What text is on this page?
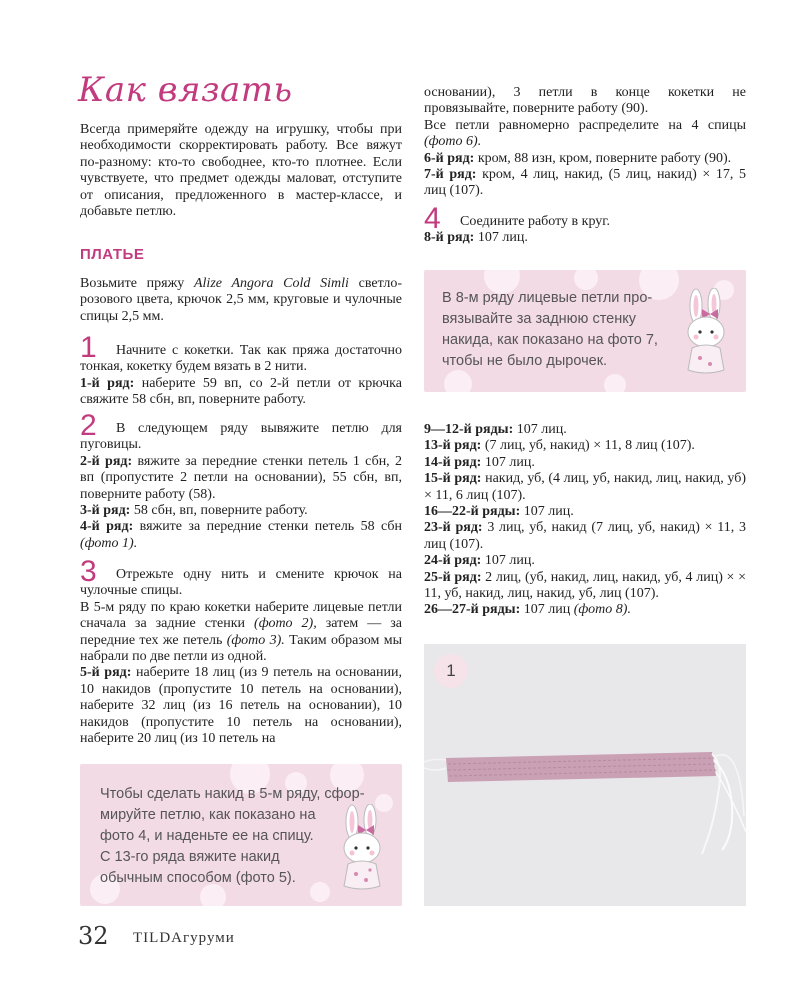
Как вязать

Всегда примеряйте одежду на игрушку, чтобы при необходимости скорректировать работу. Все вяжут по-разному: кто-то свободнее, кто-то плотнее. Если чувствуете, что предмет одежды маловат, отступите от описания, предложенного в мастер-классе, и добавьте петлю.

ПЛАТЬЕ

Возьмите пряжу Alize Angora Cold Simli светло-розового цвета, крючок 2,5 мм, круговые и чулочные спицы 2,5 мм.

1	Начните с кокетки. Так как пряжа достаточно тонкая, кокетку будем вязать в 2 нити.

1-й ряд: наберите 59 вп, со 2-й петли от крючка свяжите 58 сбн, вп, поверните работу.

2	В следующем ряду вывяжите петлю для пуговицы.

2-й ряд: вяжите за передние стенки петель 1 сбн, 2 вп (пропустите 2 петли на основании), 55 сбн, вп, поверните работу (58).

3-й ряд: 58 сбн, вп, поверните работу.

4-й ряд: вяжите за передние стенки петель 58 сбн (фото 1).

3	Отрежьте одну нить и смените крючок на чулочные спицы.

В 5-м ряду по краю кокетки наберите лицевые петли сначала за задние стенки (фото 2), затем — за передние тех же петель (фото 3). Таким образом мы набрали по две петли из одной.

5-й ряд: наберите 18 лиц (из 9 петель на основании, 10 накидов (пропустите 10 петель на основании), наберите 32 лиц (из 16 петель на основании), 10 накидов (пропустите 10 петель на основании), наберите 20 лиц (из 10 петель на

Чтобы сделать накид в 5-м ряду, сфор-
мируйте петлю, как показано на
фото 4, и наденьте ее на спицу.
С 13-го ряда вяжите накид
обычным способом (фото 5).

основании), 3 петли в конце кокетки не провязывайте, поверните работу (90).

Все петли равномерно распределите на 4 спицы (фото 6).

6-й ряд: кром, 88 изн, кром, поверните работу (90).

7-й ряд: кром, 4 лиц, накид, (5 лиц, накид) × 17, 5 лиц (107).

4	Соедините работу в круг.

8-й ряд: 107 лиц.

В 8-м ряду лицевые петли про-
вязывайте за заднюю стенку
накида, как показано на фото 7,
чтобы не было дырочек.

9—12-й ряды: 107 лиц.

13-й ряд: (7 лиц, уб, накид) × 11, 8 лиц (107).

14-й ряд: 107 лиц.

15-й ряд: накид, уб, (4 лиц, уб, накид, лиц, накид, уб) × 11, 6 лиц (107).

16—22-й ряды: 107 лиц.

23-й ряд: 3 лиц, уб, накид (7 лиц, уб, накид) × 11, 3 лиц (107).

24-й ряд: 107 лиц.

25-й ряд: 2 лиц, (уб, накид, лиц, накид, уб, 4 лиц) × × 11, уб, накид, лиц, накид, уб, лиц (107).

26—27-й ряды: 107 лиц (фото 8).

1
32 TILDAгуруми
